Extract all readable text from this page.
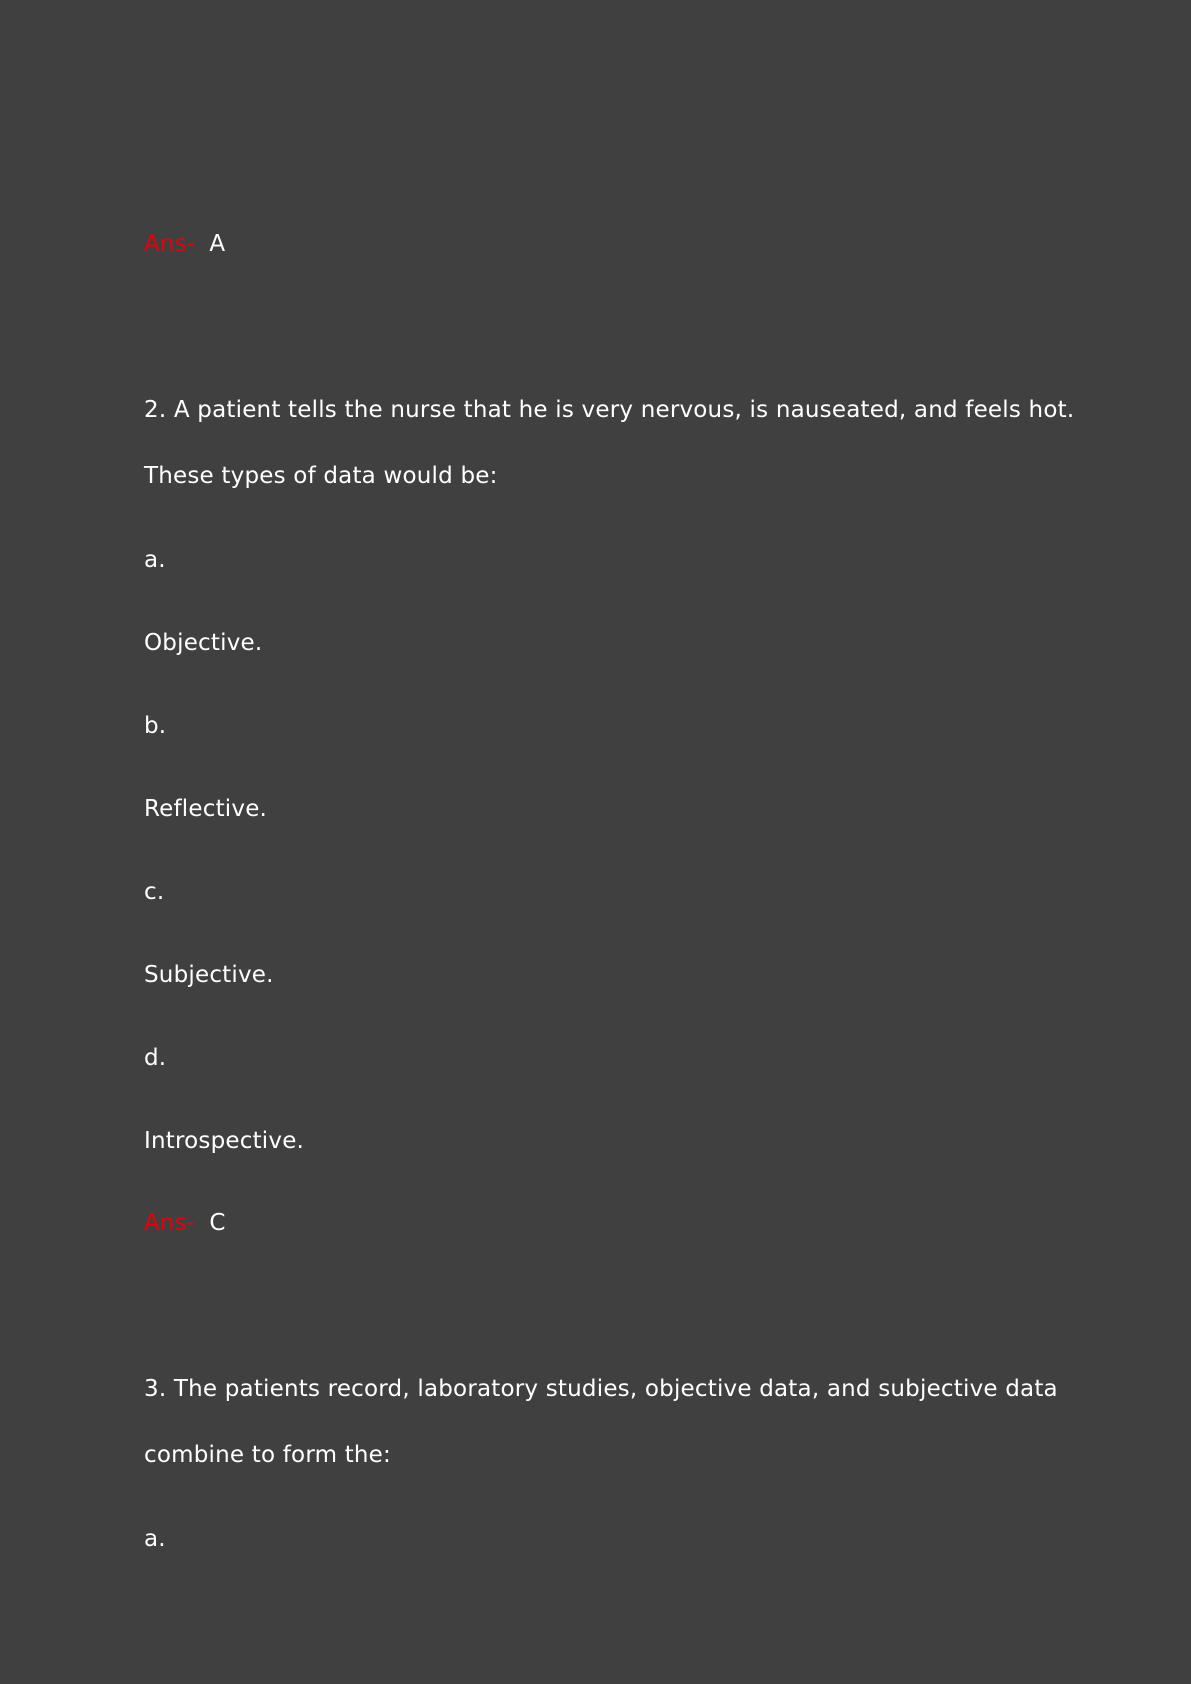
Ans- A
2. A patient tells the nurse that he is very nervous, is nauseated, and feels hot.
These types of data would be:
a.
Objective.
b.
Reflective.
c.
Subjective.
d.
Introspective.
Ans- C
3. The patients record, laboratory studies, objective data, and subjective data
combine to form the:
a.
